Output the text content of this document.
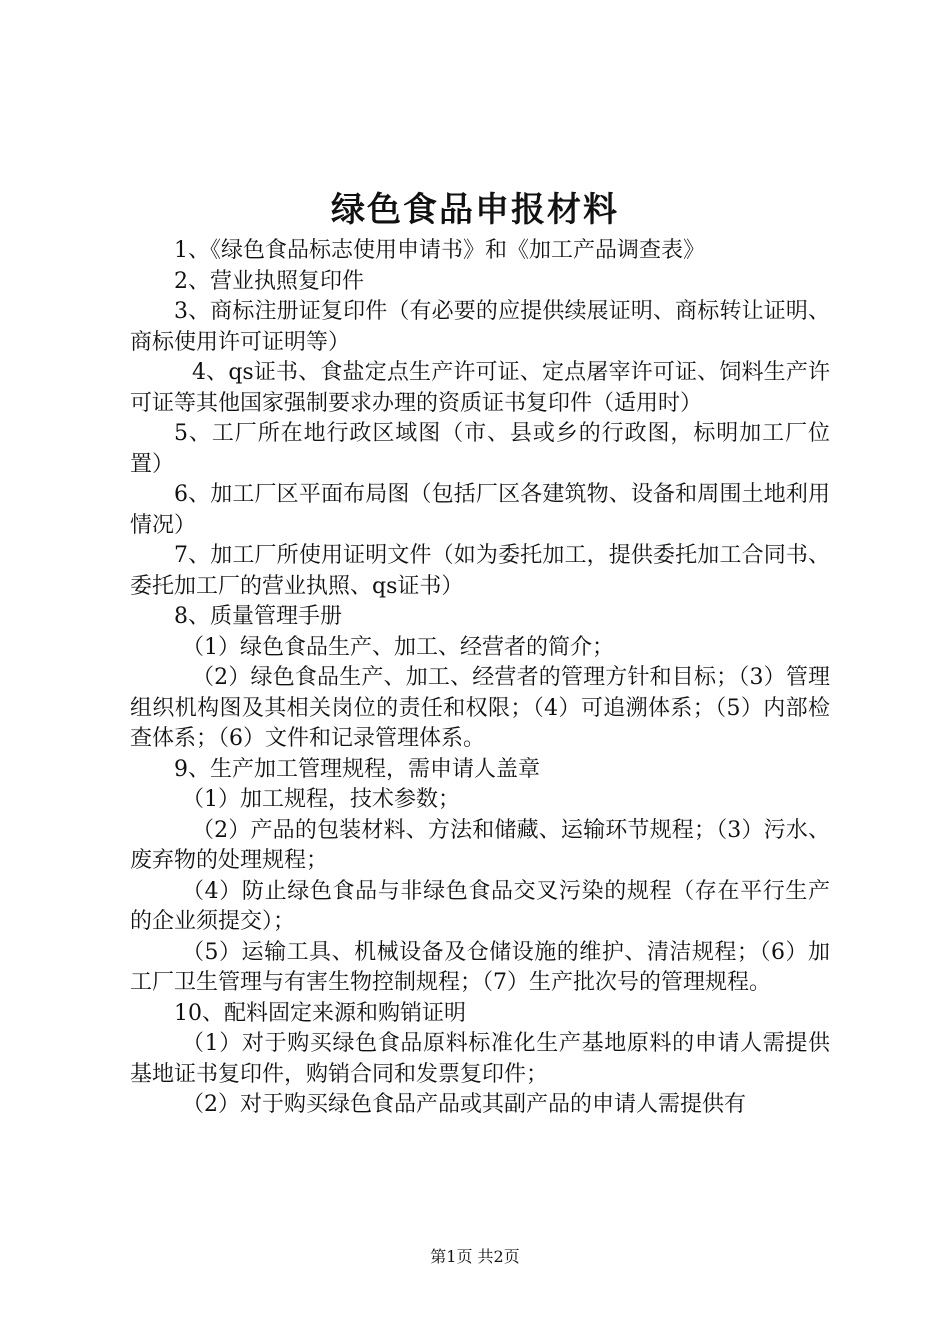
绿色食品申报材料

1、《绿色食品标志使用申请书》和《加工产品调查表》

2、营业执照复印件

3、商标注册证复印件（有必要的应提供续展证明、商标转让证明、商标使用许可证明等）

4、qs证书、食盐定点生产许可证、定点屠宰许可证、饲料生产许可证等其他国家强制要求办理的资质证书复印件（适用时）

5、工厂所在地行政区域图（市、县或乡的行政图，标明加工厂位置）

6、加工厂区平面布局图（包括厂区各建筑物、设备和周围土地利用情况）

7、加工厂所使用证明文件（如为委托加工，提供委托加工合同书、委托加工厂的营业执照、qs证书）

8、质量管理手册

（1）绿色食品生产、加工、经营者的简介；

（2）绿色食品生产、加工、经营者的管理方针和目标；（3）管理组织机构图及其相关岗位的责任和权限；（4）可追溯体系；（5）内部检查体系；（6）文件和记录管理体系。

9、生产加工管理规程，需申请人盖章

（1）加工规程，技术参数；

（2）产品的包装材料、方法和储藏、运输环节规程；（3）污水、废弃物的处理规程；

（4）防止绿色食品与非绿色食品交叉污染的规程（存在平行生产的企业须提交）；

（5）运输工具、机械设备及仓储设施的维护、清洁规程；（6）加工厂卫生管理与有害生物控制规程；（7）生产批次号的管理规程。

10、配料固定来源和购销证明

（1）对于购买绿色食品原料标准化生产基地原料的申请人需提供基地证书复印件，购销合同和发票复印件；

（2）对于购买绿色食品产品或其副产品的申请人需提供有

第1页 共2页
